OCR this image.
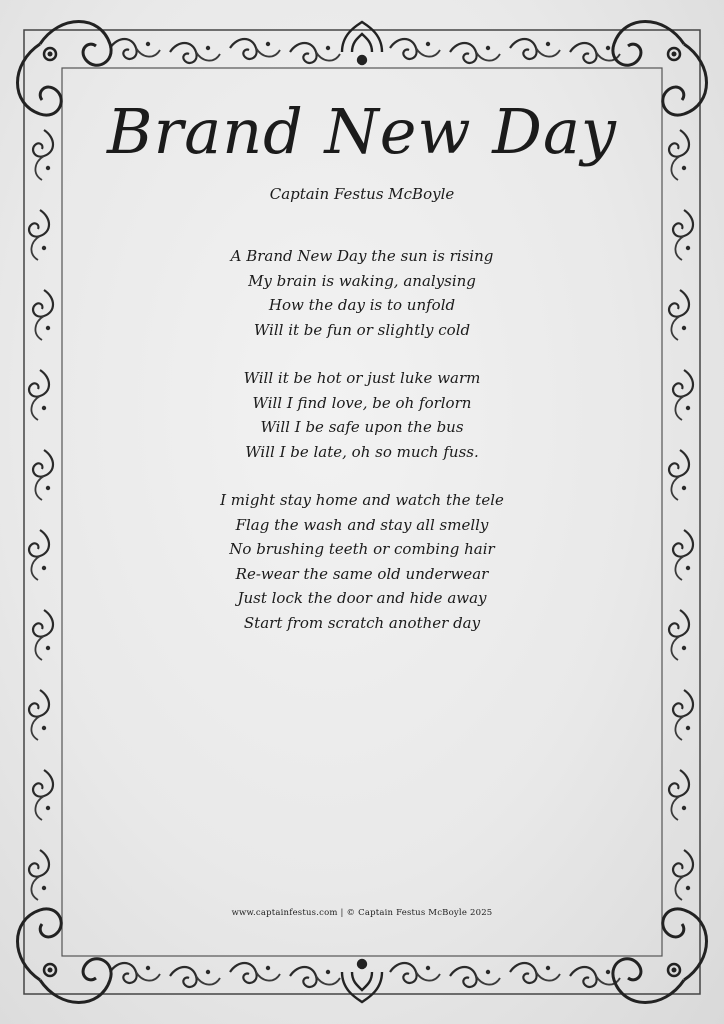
Brand New Day
Captain Festus McBoyle
A Brand New Day the sun is rising
My brain is waking, analysing
How the day is to unfold
Will it be fun or slightly cold
Will it be hot or just luke warm
Will I find love, be oh forlorn
Will I be safe upon the bus
Will I be late, oh so much fuss.
I might stay home and watch the tele
Flag the wash and stay all smelly
No brushing teeth or combing hair
Re-wear the same old underwear
Just lock the door and hide away
Start from scratch another day
www.captainfestus.com | © Captain Festus McBoyle 2025
